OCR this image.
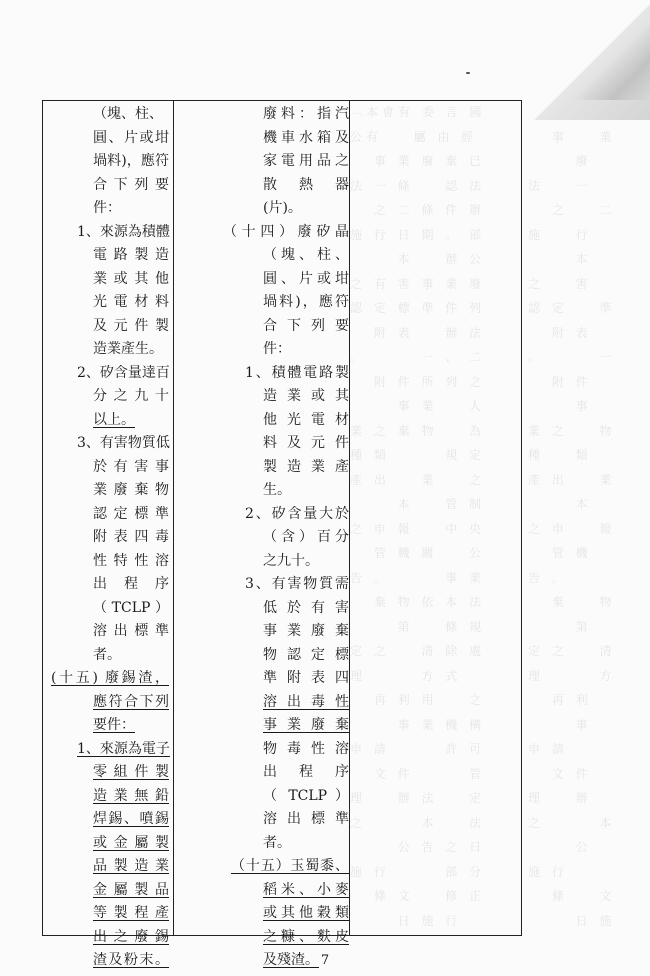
﹁本會有 委 言 國
公有 　 屬 由 經
　 事 業 廢 棄 已
法 一 條 　 認 法
　 之 二 條 件 辦
施 行 日 期 。 部
　 　 本 　 辦 公
之 有 害 事 業 廢
認 定 標 準 件 列
　 附 表 　 辦 法
。 　 　 一 、 二
　 附 件 所 列 之
　 　 事 業 　 人
業 之 棄 物 　 為
種 類 　 　 規 定
產 出 　 業 　 之
　 　 本 　 管 制
之 申 報 　 中 央
　 管 機 關 　 公
告 。 　 　 事 業
　 棄 物 依 本 法
　 　 第 　 條 規
定 之 　 清 除 處
理 　 　 方 式 　
　 再 利 用 　 之
　 　 事 業 機 構
申 請 　 　 許 可
　 文 件 　 　 管
理 　 辦 法 　 定
之 　 　 本 　 法
　 　 公 告 之 日
施 行 　 　 部 分
　 條 文 　 修 正
　 　 日 施 行 　

　 事 　 業
　 　 廢 　
法 　 一 　
　 之 　 二
施 　 行 　
　 　 本 　
之 　 害 　
認 定 　 準
　 附 表 　
。 　 　 一
　 附 件 　
　 　 事 　
業 之 　 物
種 　 類 　
產 出 　 業
　 　 本 　
之 申 　 報
　 管 機 　
告 。 　 　
　 棄 　 物
　 　 第 　
定 之 　 清
理 　 　 方
　 再 利 　
　 　 事 　
申 請 　 　
　 文 件 　
理 　 辦 　
之 　 　 本
　 　 公 　
施 行 　 　
　 條 　 文
　 　 日 施
（塊、柱、
圓、片或坩
堝料)，應符
合下列要
件：
1、來源為積體
電路製造
業或其他
光電材料
及元件製
造業產生。
2、矽含量達百
分之九十
以上。
3、有害物質低
於有害事
業廢棄物
認定標準
附表四毒
性特性溶
出 程 序
（ TCLP ）
溶出標準
者。
(十五) 廢錫渣，
應符合下列
要件：
1、來源為電子
零組件製
造業無鉛
焊錫、噴錫
或金屬製
品製造業
金屬製品
等製程產
出之廢錫
渣及粉末。
廢料：指汽
機車水箱及
家電用品之
散 熱 器
(片)。
（十四）廢矽晶
（塊、柱、
圓、片或坩
堝料)，應符
合下列要
件：
1、積體電路製
造業或其
他光電材
料及元件
製造業產
生。
2、矽含量大於
（含）百分
之九十。
3、有害物質需
低於有害
事業廢棄
物認定標
準附表四
溶出毒性
事業廢棄
物毒性溶
出 程 序
（ TCLP ）
溶出標準
者。
（十五）玉蜀黍、
稻米、小麥
或其他穀類
之糠、麩皮
及殘渣。 7
